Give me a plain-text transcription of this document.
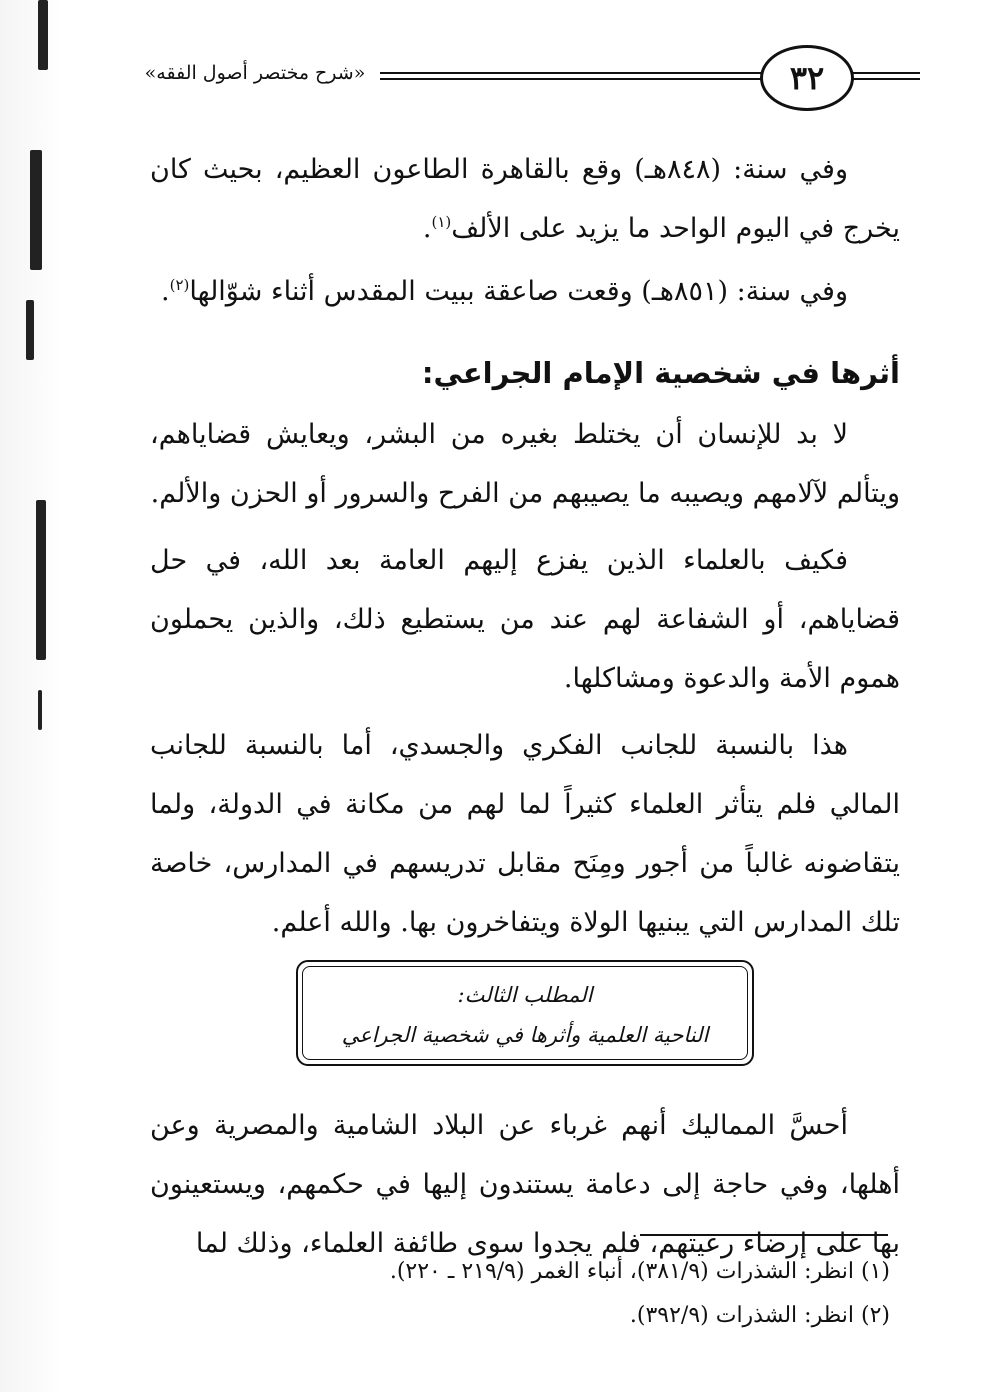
«شرح مختصر أصول الفقه»	٣٢

وفي سنة: (٨٤٨هـ) وقع بالقاهرة الطاعون العظيم، بحيث كان يخرج في اليوم الواحد ما يزيد على الألف$^{(١)}$.

وفي سنة: (٨٥١هـ) وقعت صاعقة ببيت المقدس أثناء شوّالها$^{(٢)}$.

أثرها في شخصية الإمام الجراعي:

لا بد للإنسان أن يختلط بغيره من البشر، ويعايش قضاياهم، ويتألم لآلامهم ويصيبه ما يصيبهم من الفرح والسرور أو الحزن والألم.

فكيف بالعلماء الذين يفزع إليهم العامة بعد الله، في حل قضاياهم، أو الشفاعة لهم عند من يستطيع ذلك، والذين يحملون هموم الأمة والدعوة ومشاكلها.

هذا بالنسبة للجانب الفكري والجسدي، أما بالنسبة للجانب المالي فلم يتأثر العلماء كثيراً لما لهم من مكانة في الدولة، ولما يتقاضونه غالباً من أجور ومِنَح مقابل تدريسهم في المدارس، خاصة تلك المدارس التي يبنيها الولاة ويتفاخرون بها. والله أعلم.

المطلب الثالث:
الناحية العلمية وأثرها في شخصية الجراعي

أحسَّ المماليك أنهم غرباء عن البلاد الشامية والمصرية وعن أهلها، وفي حاجة إلى دعامة يستندون إليها في حكمهم، ويستعينون بها على إرضاء رعيتهم، فلم يجدوا سوى طائفة العلماء، وذلك لما

(١) انظر: الشذرات (٣٨١/٩)، أنباء الغمر (٢١٩/٩ ـ ٢٢٠).

(٢) انظر: الشذرات (٣٩٢/٩).
